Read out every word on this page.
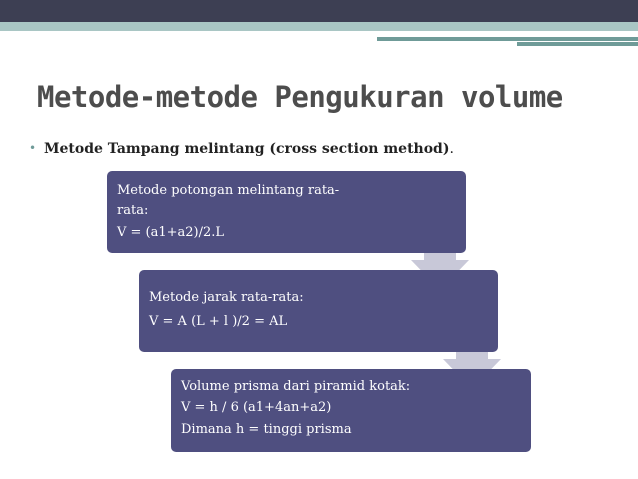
Metode-metode Pengukuran volume
• Metode Tampang melintang (cross section method).
Metode potongan melintang rata-
rata:
V = (a1+a2)/2.L
Metode jarak rata-rata:
V = A (L + l )/2 = AL
Volume prisma dari piramid kotak:
V = h / 6 (a1+4an+a2)
Dimana h = tinggi prisma
